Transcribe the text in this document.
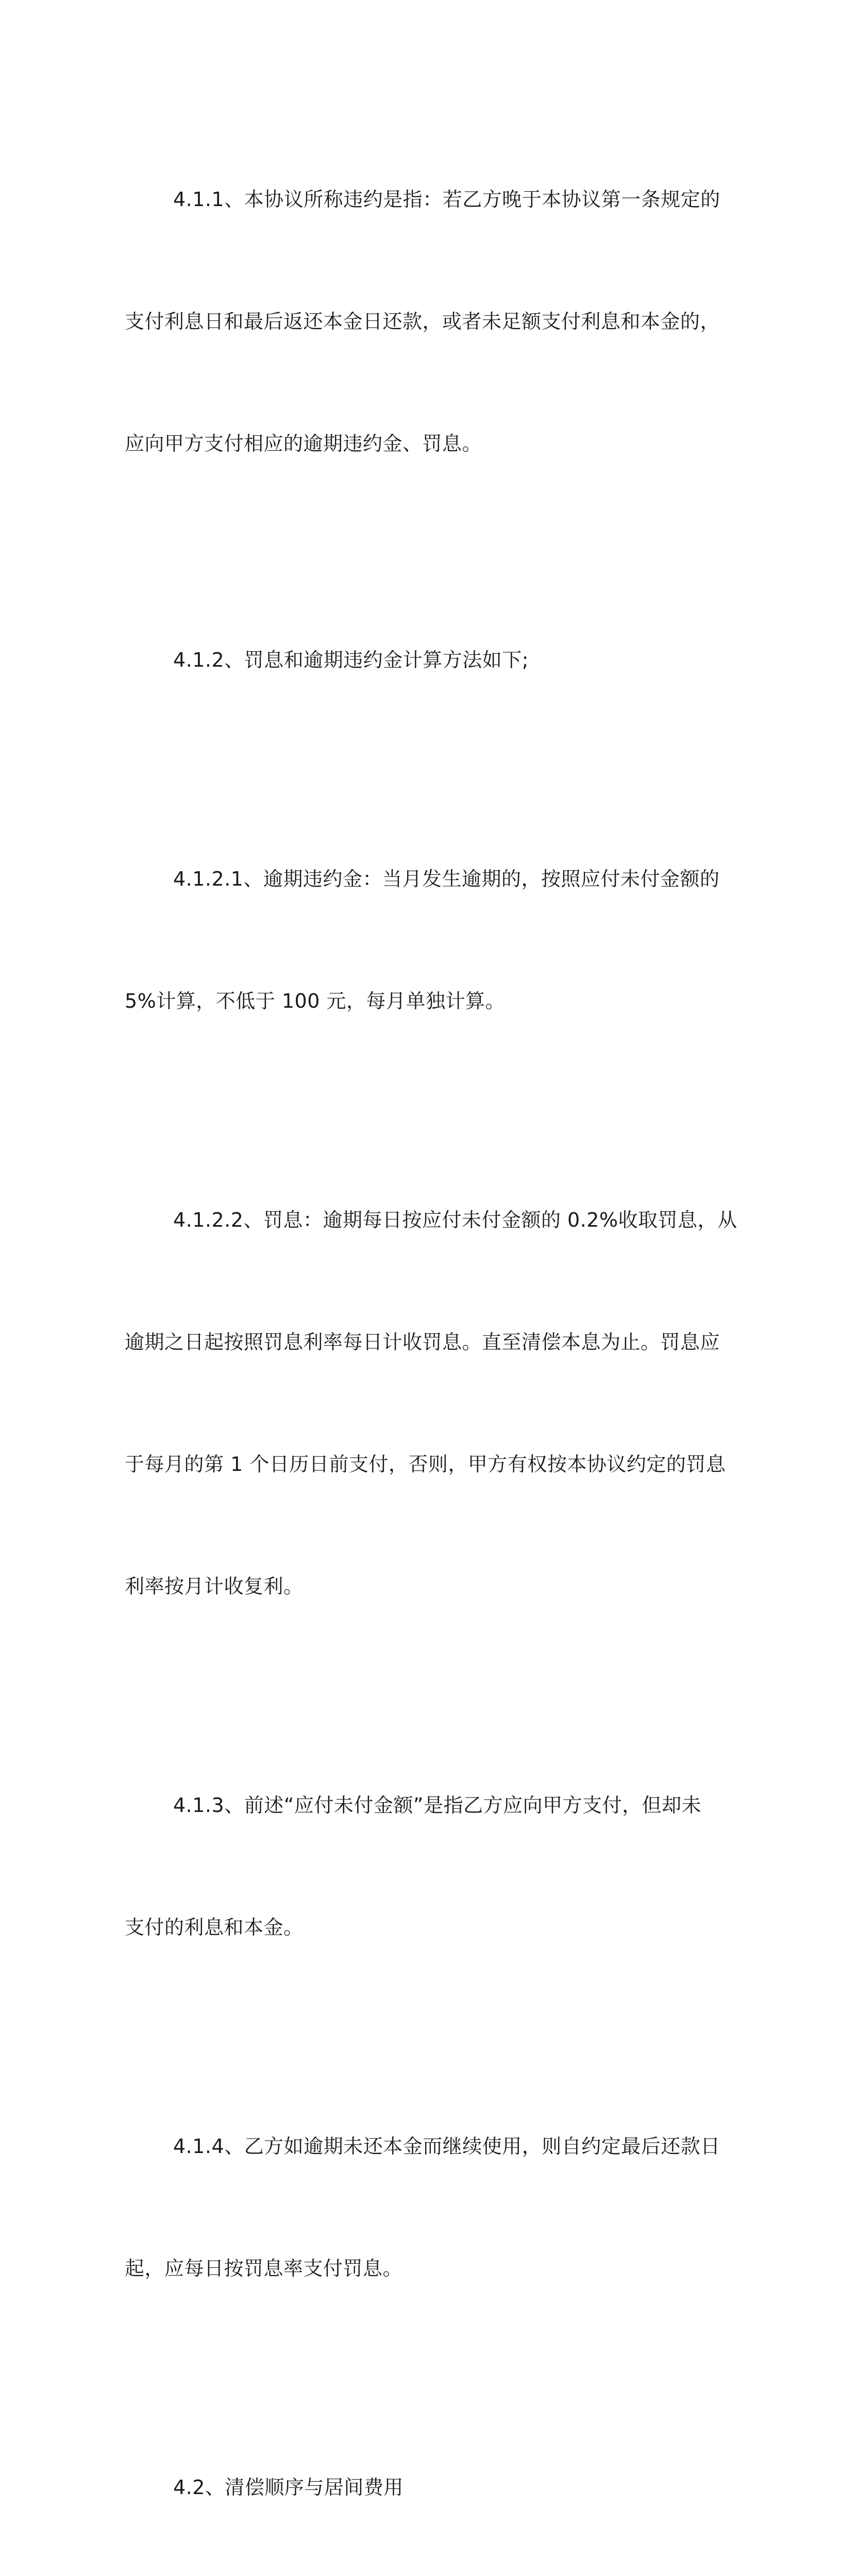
4.1.1、本协议所称违约是指：若乙方晚于本协议第一条规定的

支付利息日和最后返还本金日还款，或者未足额支付利息和本金的，

应向甲方支付相应的逾期违约金、罚息。

4.1.2、罚息和逾期违约金计算方法如下;

4.1.2.1、逾期违约金：当月发生逾期的，按照应付未付金额的

5%计算，不低于 100 元，每月单独计算。

4.1.2.2、罚息：逾期每日按应付未付金额的 0.2%收取罚息，从

逾期之日起按照罚息利率每日计收罚息。直至清偿本息为止。罚息应

于每月的第 1 个日历日前支付，否则，甲方有权按本协议约定的罚息

利率按月计收复利。

4.1.3、前述“应付未付金额”是指乙方应向甲方支付，但却未

支付的利息和本金。

4.1.4、乙方如逾期未还本金而继续使用，则自约定最后还款日

起，应每日按罚息率支付罚息。

4.2、清偿顺序与居间费用
